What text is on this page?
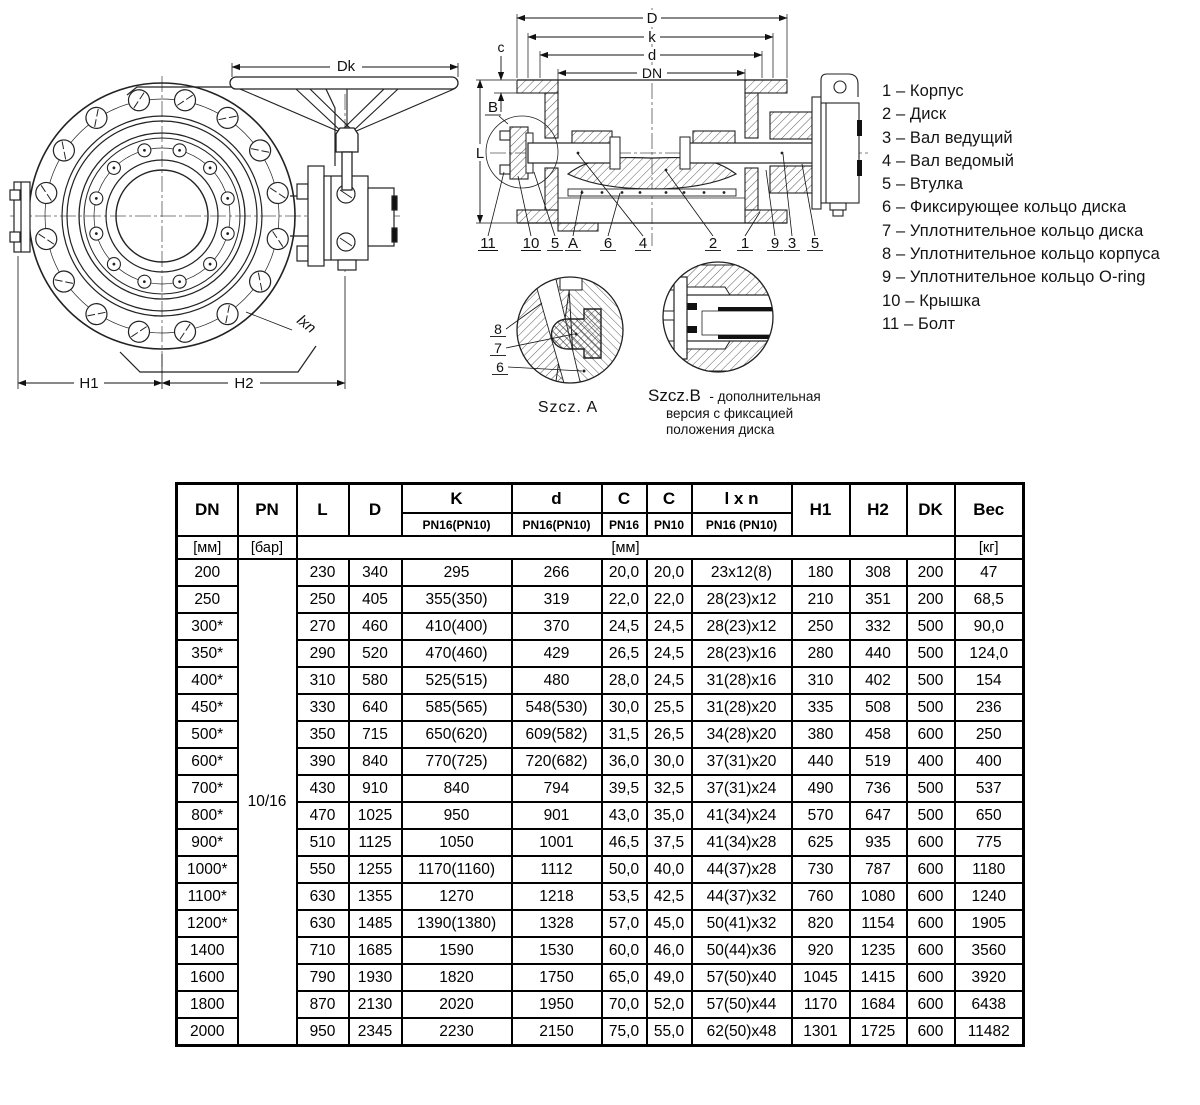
Dk
lxn
H1	H2
D
k
d
DN
c
L
B
11 10 5 A 6 4	2 1 9 3 5
8
7
6
Szcz. A
Szcz.B - дополнительная
версия с фиксацией
положения диска
1 – Корпус
2 – Диск
3 – Вал ведущий
4 – Вал ведомый
5 – Втулка
6 – Фиксирующее кольцо диска
7 – Уплотнительное кольцо диска
8 – Уплотнительное кольцо корпуса
9 – Уплотнительное кольцо O-ring
10 – Крышка
11 – Болт
DN	PN	L	D	K	d	C	C	l x n	H1	H2	DK	Вес
				PN16(PN10)	PN16(PN10)	PN16	PN10	PN16 (PN10)				
[мм]	[бар]	[мм]										[кг]
200	10/16	230	340	295	266	20,0	20,0	23x12(8)	180	308	200	47
250		250	405	355(350)	319	22,0	22,0	28(23)x12	210	351	200	68,5
300*		270	460	410(400)	370	24,5	24,5	28(23)x12	250	332	500	90,0
350*		290	520	470(460)	429	26,5	24,5	28(23)x16	280	440	500	124,0
400*		310	580	525(515)	480	28,0	24,5	31(28)x16	310	402	500	154
450*		330	640	585(565)	548(530)	30,0	25,5	31(28)x20	335	508	500	236
500*		350	715	650(620)	609(582)	31,5	26,5	34(28)x20	380	458	600	250
600*		390	840	770(725)	720(682)	36,0	30,0	37(31)x20	440	519	400	400
700*		430	910	840	794	39,5	32,5	37(31)x24	490	736	500	537
800*		470	1025	950	901	43,0	35,0	41(34)x24	570	647	500	650
900*		510	1125	1050	1001	46,5	37,5	41(34)x28	625	935	600	775
1000*		550	1255	1170(1160)	1112	50,0	40,0	44(37)x28	730	787	600	1180
1100*		630	1355	1270	1218	53,5	42,5	44(37)x32	760	1080	600	1240
1200*		630	1485	1390(1380)	1328	57,0	45,0	50(41)x32	820	1154	600	1905
1400		710	1685	1590	1530	60,0	46,0	50(44)x36	920	1235	600	3560
1600		790	1930	1820	1750	65,0	49,0	57(50)x40	1045	1415	600	3920
1800		870	2130	2020	1950	70,0	52,0	57(50)x44	1170	1684	600	6438
2000		950	2345	2230	2150	75,0	55,0	62(50)x48	1301	1725	600	11482
